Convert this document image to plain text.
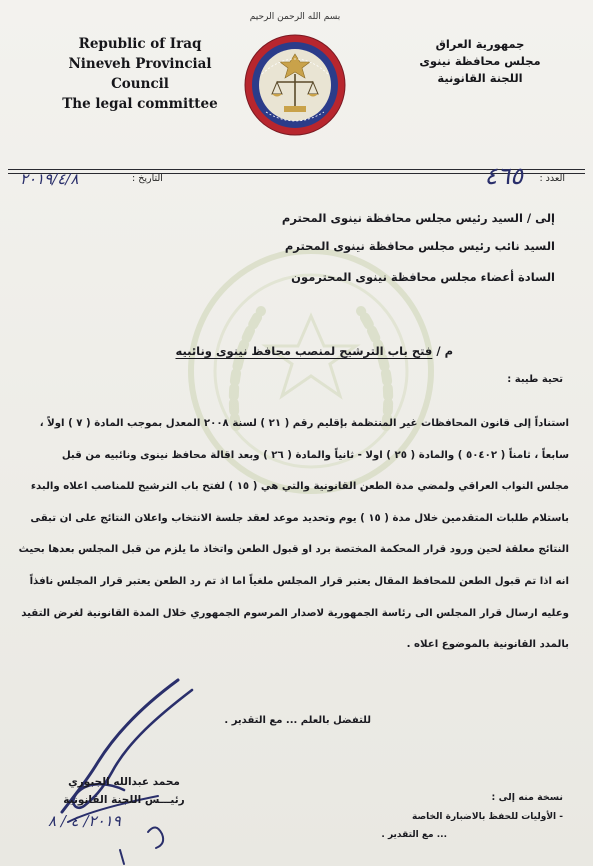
بسم الله الرحمن الرحيم
Republic of Iraq
Nineveh Provincial Council
The legal committee
جمهورية العراق
مجلس محافظة نينوى
اللجنة القانونية
٢٠١٩/٤/٨	التاريخ :	٤٦٥ العدد :
إلى / السيد رئيس مجلس محافظة نينوى المحترم
السيد نائب رئيس مجلس محافظة نينوى المحترم
السادة أعضاء مجلس محافظة نينوى المحترمون
م / فتح باب الترشيح لمنصب محافظ نينوى ونائبيه
تحية طيبة :

استناداً إلى قانون المحافظات غير المنتظمة بإقليم رقم ( ٢١ ) لسنة ٢٠٠٨ المعدل بموجب المادة ( ٧ ) اولاً ،

سابعاً ، ثامناً ( ٥٠٤٠٢ ) والمادة ( ٢٥ ) اولا - ثانياً والمادة ( ٢٦ ) وبعد اقالة محافظ نينوى ونائبيه من قبل

مجلس النواب العراقي ولمضي مدة الطعن القانونية والتي هي ( ١٥ ) لفتح باب الترشيح للمناصب اعلاه والبدء

باستلام طلبات المتقدمين خلال مدة ( ١٥ ) يوم وتحديد موعد لعقد جلسة الانتخاب واعلان النتائج على ان تبقى

النتائج معلقة لحين ورود قرار المحكمة المختصة برد او قبول الطعن واتخاذ ما يلزم من قبل المجلس بعدها بحيث

انه اذا تم قبول الطعن للمحافظ المقال يعتبر قرار المجلس ملغياً اما اذ تم رد الطعن يعتبر قرار المجلس نافذاً

وعليه ارسال قرار المجلس الى رئاسة الجمهورية لاصدار المرسوم الجمهوري خلال المدة القانونية لغرض التقيد

بالمدد القانونية بالموضوع اعلاه .

للتفضل بالعلم ... مع التقدير .
محمد عبدالله الجبوري
رئيـــس اللجنة القانونية
٢٠١٩/ ٤ / ٨
نسخة منه إلى :
- الأوليات للحفظ بالاضبارة الخاصة
... مع التقدير .
